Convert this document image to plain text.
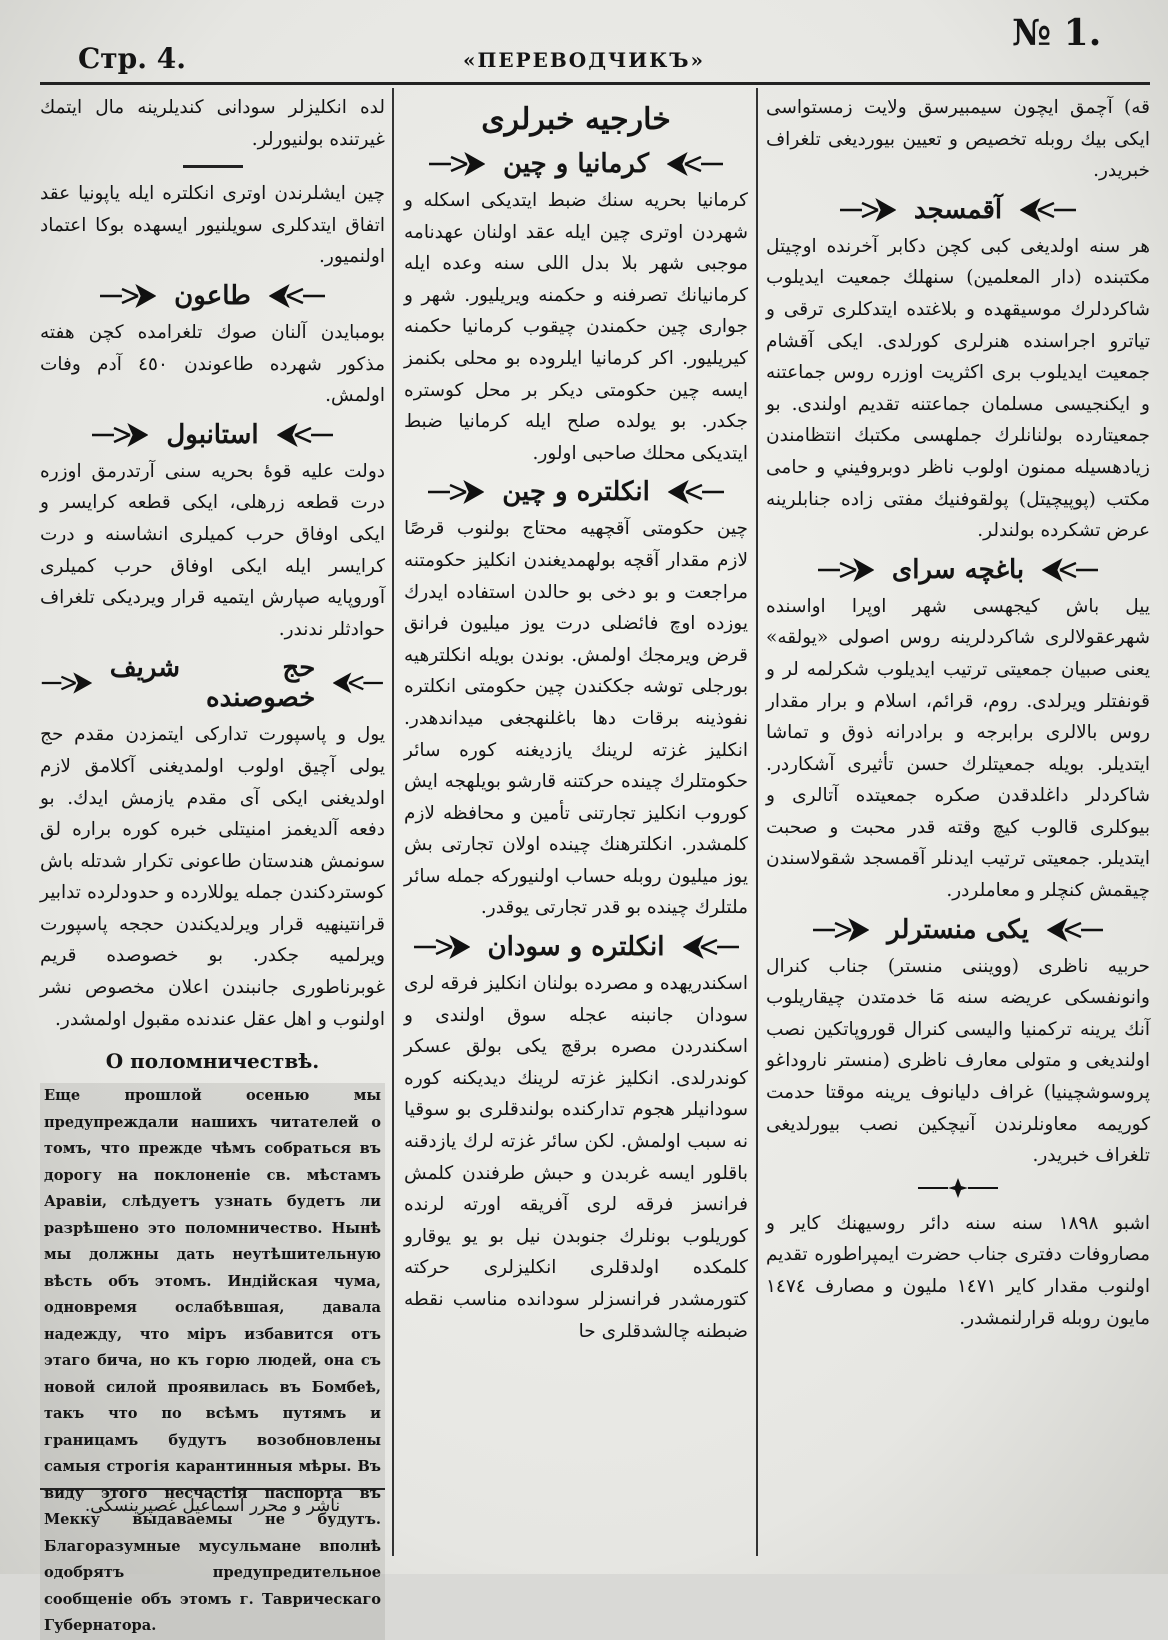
Стр. 4.	«ПЕРЕВОДЧИКЪ»
№ 1.

لده انكليزلر سودانى كنديلرينه مال ايتمك غيرتنده بولنيورلر.

چين ايشلرندن اوترى انكلتره ايله ياپونيا عقد اتفاق ايتدكلرى سويلنيور ايسهده بوكا اعتماد اولنميور.

طاعون

بومبايدن آلنان صوك تلغرامده كچن هفته مذكور شهرده طاعوندن ٤٥٠ آدم وفات اولمش.

استانبول

دولت عليه قوهٔ بحريه سنى آرتدرمق اوزره درت قطعه زرهلى، ايكى قطعه كرايسر و ايكى اوفاق حرب كميلرى انشاسنه و درت كرايسر ايله ايكى اوفاق حرب كميلرى آوروپايه صپارش ايتميه قرار ويرديكى تلغراف حوادثلر ندندر.

حج شريف خصوصنده

يول و پاسپورت تداركى ايتمزدن مقدم حج يولى آچيق اولوب اولمديغنى آكلامق لازم اولديغنى ايكى آى مقدم يازمش ايدك. بو دفعه آلديغمز امنيتلى خبره كوره براره لق سونمش هندستان طاعونى تكرار شدتله باش كوستردكندن جمله يوللارده و حدودلرده تدابير قرانتينهيه قرار ويرلديكندن حججه پاسپورت ويرلميه جكدر. بو خصوصده قريم غوبرناطورى جانبندن اعلان مخصوص نشر اولنوب و اهل عقل عندنده مقبول اولمشدر.

О поломничествѣ.
Еще прошлой осенью мы предупреждали нашихъ читателей о томъ, что прежде чѣмъ собраться въ дорогу на поклоненіе св. мѣстамъ Аравіи, слѣдуетъ узнать будетъ ли разрѣшено это поломничество. Нынѣ мы должны дать неутѣшительную вѣсть объ этомъ. Индійская чума, одновремя ослабѣвшая, давала надежду, что міръ избавится отъ этаго бича, но къ горю людей, она съ новой силой проявилась въ Бомбеѣ, такъ что по всѣмъ путямъ и границамъ будутъ возобновлены самыя строгія карантинныя мѣры. Въ виду этого несчастія паспорта въ Мекку выдаваемы не будутъ. Благоразумные мусульмане вполнѣ одобрятъ предупредительное сообщеніе объ этомъ г. Таврическаго Губернатора.
ناشر و محرر اسماعيل غصپرينسكى.
خارجيه خبرلرى
كرمانيا و چين

كرمانيا بحريه سنك ضبط ايتديكى اسكله و شهردن اوترى چين ايله عقد اولنان عهدنامه موجبى شهر بلا بدل اللى سنه وعده ايله كرمانيانك تصرفنه و حكمنه ويريليور. شهر و جوارى چين حكمندن چيقوب كرمانيا حكمنه كيريليور. اكر كرمانيا ايلروده بو محلى بكنمز ايسه چين حكومتى ديكر بر محل كوستره جكدر. بو يولده صلح ايله كرمانيا ضبط ايتديكى محلك صاحبى اولور.

انكلتره و چين

چين حكومتى آقچهيه محتاج بولنوب قرصًا لازم مقدار آقچه بولهمديغندن انكليز حكومتنه مراجعت و بو دخى بو حالدن استفاده ايدرك يوزده اوچ فائضلى درت يوز ميليون فرانق قرض ويرمجك اولمش. بوندن بويله انكلترهيه بورجلى توشه جككندن چين حكومتى انكلتره نفوذينه برقات دها باغلنهجغى ميداندهدر. انكليز غزته لرينك يازديغنه كوره سائر حكومتلرك چينده حركتنه قارشو بويلهجه ايش كوروب انكليز تجارتنى تأمين و محافظه لازم كلمشدر. انكلترهنك چينده اولان تجارتى بش يوز ميليون روبله حساب اولنيوركه جمله سائر ملتلرك چينده بو قدر تجارتى يوقدر.

انكلتره و سودان

اسكندريهده و مصرده بولنان انكليز فرقه لرى سودان جانبنه عجله سوق اولندى و اسكندردن مصره برقچ يكى بولق عسكر كوندرلدى. انكليز غزته لرينك ديديكنه كوره سودانيلر هجوم تداركنده بولندقلرى بو سوقيا نه سبب اولمش. لكن سائر غزته لرك يازدقنه باقلور ايسه غربدن و حبش طرفندن كلمش فرانسز فرقه لرى آفريقه اورته لرنده كوريلوب بونلرك جنوبدن نيل بو يو يوقارو كلمكده اولدقلرى انكليزلرى حركته كتورمشدر فرانسزلر سودانده مناسب نقطه ضبطنه چالشدقلرى حا

قه) آچمق ايچون سيمبيرسق ولايت زمستواسى ايكى بيك روبله تخصيص و تعيين بيورديغى تلغراف خبريدر.

آقمسجد

هر سنه اولديغى كبى كچن دكابر آخرنده اوچيتل مكتبنده (دار المعلمين) سنهلك جمعيت ايديلوب شاكردلرك موسيقهده و بلاغتده ايتدكلرى ترقى و تياترو اجراسنده هنرلرى كورلدى. ايكى آقشام جمعيت ايديلوب برى اكثريت اوزره روس جماعتنه و ايكنجيسى مسلمان جماعتنه تقديم اولندى. بو جمعيتارده بولنانلرك جملهسى مكتبك انتظامندن زيادهسيله ممنون اولوب ناظر دوبروفيني و حامى مكتب (پوپيچيتل) پولقوفنيك مفتى زاده جنابلرينه عرض تشكرده بولندلر.

باغچه سراى

ييل باش كيجهسى شهر اوپرا اواسنده شهرعقولالرى شاكردلرينه روس اصولى «يولقه» يعنى صبيان جمعيتى ترتيب ايديلوب شكرلمه لر و قونفتلر ويرلدى. روم، قرائم، اسلام و برار مقدار روس بالالرى برابرجه و برادرانه ذوق و تماشا ايتديلر. بويله جمعيتلرك حسن تأثيرى آشكاردر. شاكردلر داغلدقدن صكره جمعيتده آتالرى و بيوكلرى قالوب كيچ وقته قدر محبت و صحبت ايتديلر. جمعيتى ترتيب ايدنلر آقمسجد شقولاسندن چيقمش كنچلر و معاملردر.

يكى منسترلر

حربيه ناظرى (وويننى منستر) جناب كنرال وانونفسكى عريضه سنه مَا خدمتدن چيقاريلوب آنك يرينه تركمنيا واليسى كنرال قوروپاتكين نصب اولنديغى و متولى معارف ناظرى (منستر ناروداغو پروسوشچينيا) غراف دليانوف يرينه موقتا حدمت كوريمه معاونلرندن آنيچكين نصب بيورلديغى تلغراف خبريدر.

اشبو ١٨٩٨ سنه سنه دائر روسيهنك كاير و مصاروفات دفترى جناب حضرت ايمپراطوره تقديم اولنوب مقدار كاير ١٤٧١ مليون و مصارف ١٤٧٤ مايون روبله قرارلنمشدر.
